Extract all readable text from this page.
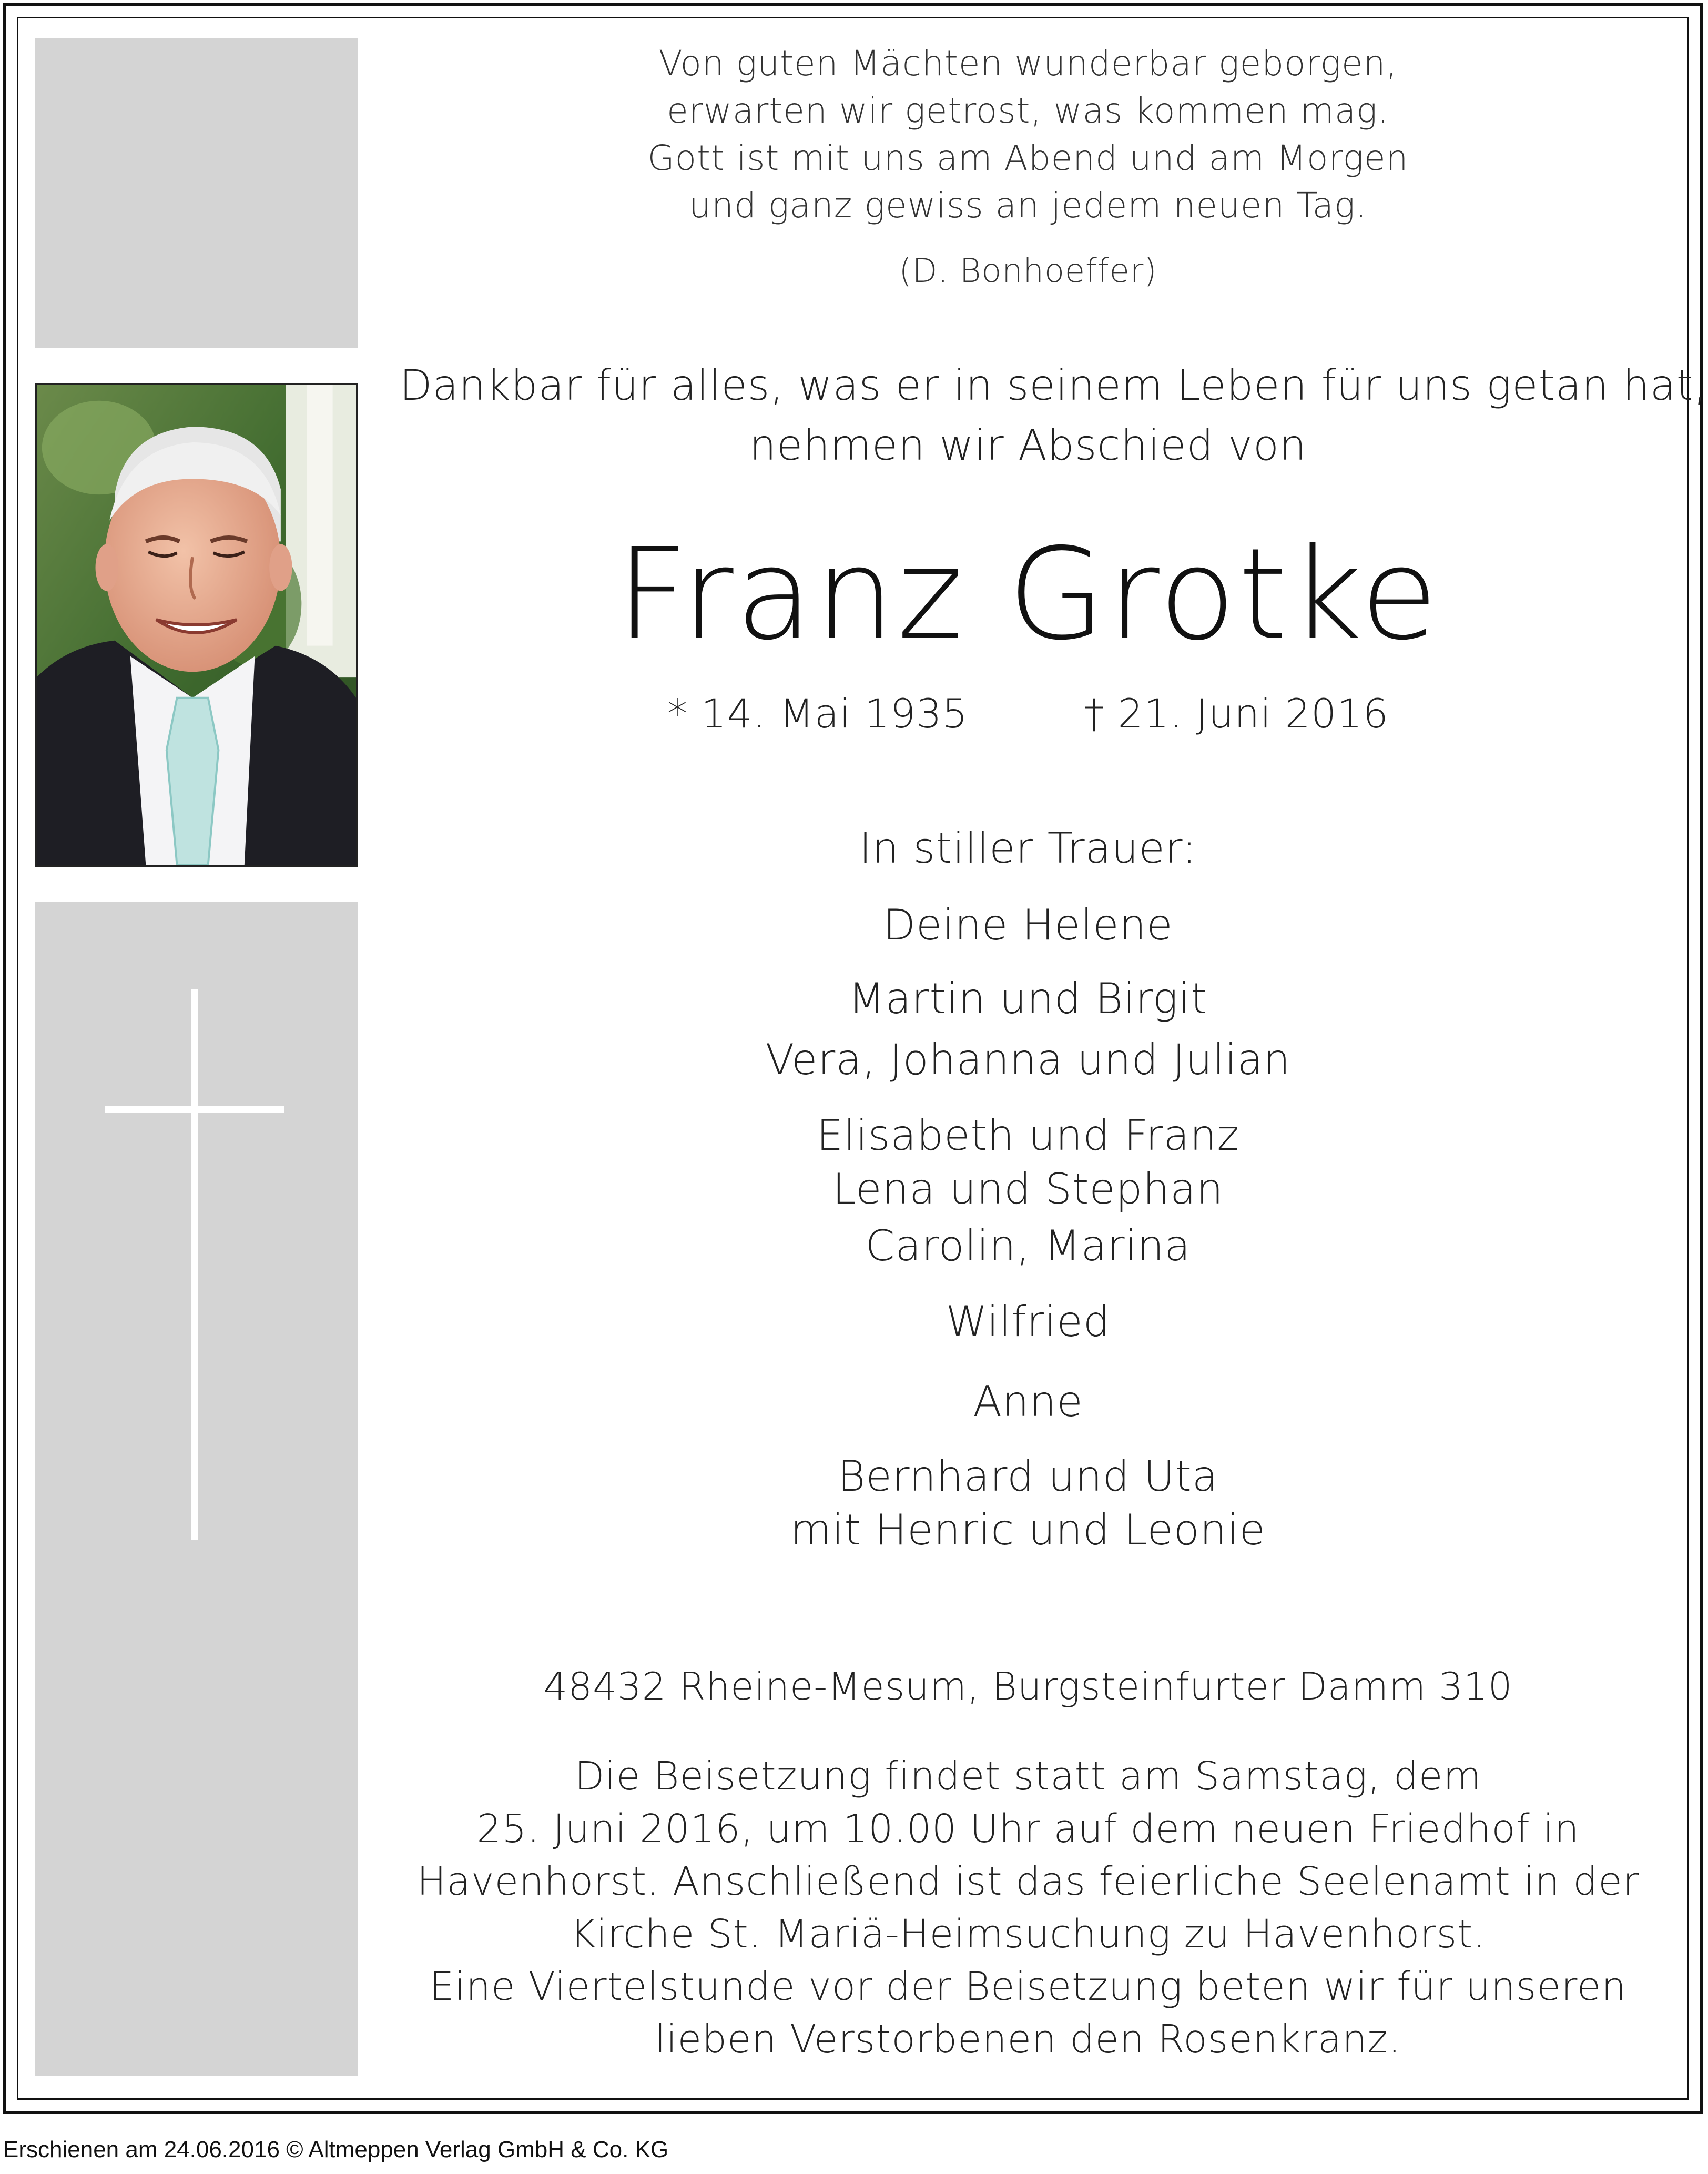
Von guten Mächten wunderbar geborgen,
erwarten wir getrost, was kommen mag.
Gott ist mit uns am Abend und am Morgen
und ganz gewiss an jedem neuen Tag.
(D. Bonhoeffer)
Dankbar für alles, was er in seinem Leben für uns getan hat,
nehmen wir Abschied von
Franz Grotke
* 14. Mai 1935	† 21. Juni 2016
In stiller Trauer:
Deine Helene
Martin und Birgit
Vera, Johanna und Julian
Elisabeth und Franz
Lena und Stephan
Carolin, Marina
Wilfried
Anne
Bernhard und Uta
mit Henric und Leonie
48432 Rheine-Mesum, Burgsteinfurter Damm 310
Die Beisetzung findet statt am Samstag, dem
25. Juni 2016, um 10.00 Uhr auf dem neuen Friedhof in
Havenhorst. Anschließend ist das feierliche Seelenamt in der
Kirche St. Mariä-Heimsuchung zu Havenhorst.
Eine Viertelstunde vor der Beisetzung beten wir für unseren
lieben Verstorbenen den Rosenkranz.
Erschienen am 24.06.2016 © Altmeppen Verlag GmbH & Co. KG
